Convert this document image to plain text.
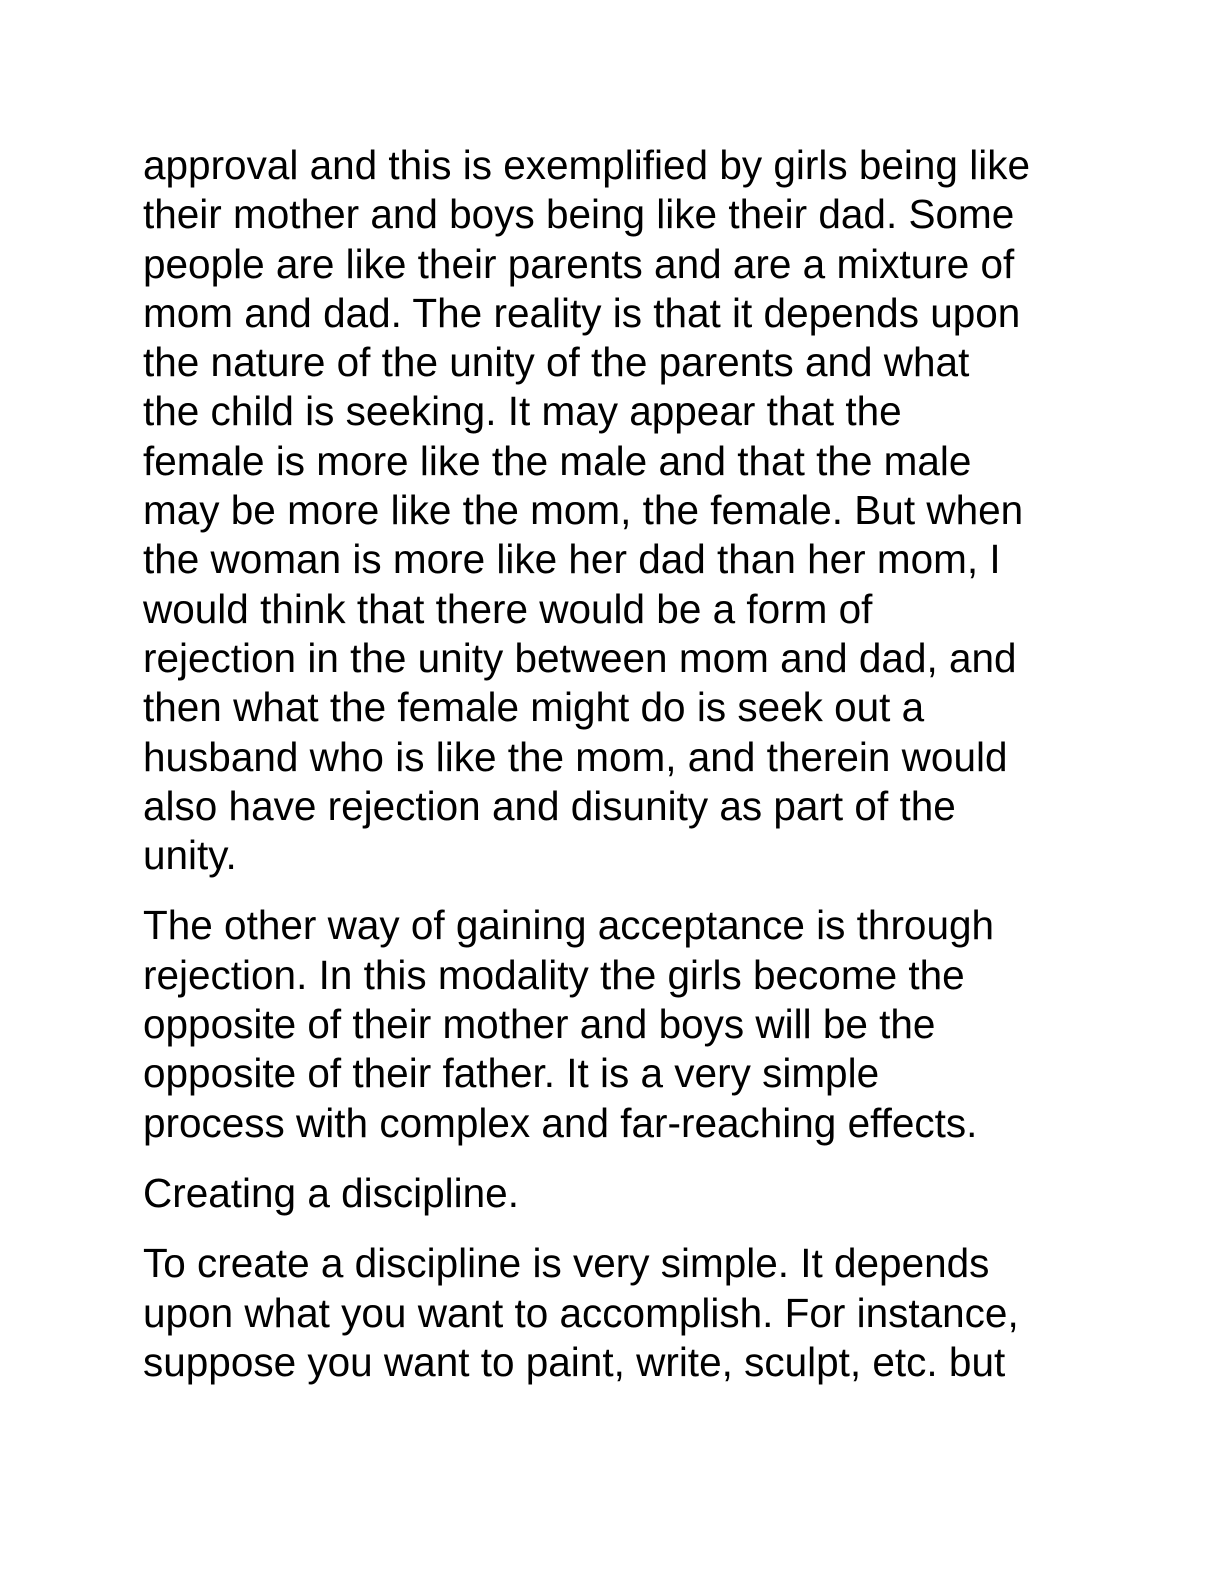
approval and this is exemplified by girls being like
their mother and boys being like their dad. Some
people are like their parents and are a mixture of
mom and dad. The reality is that it depends upon
the nature of the unity of the parents and what
the child is seeking. It may appear that the
female is more like the male and that the male
may be more like the mom, the female. But when
the woman is more like her dad than her mom, I
would think that there would be a form of
rejection in the unity between mom and dad, and
then what the female might do is seek out a
husband who is like the mom, and therein would
also have rejection and disunity as part of the
unity.

The other way of gaining acceptance is through
rejection. In this modality the girls become the
opposite of their mother and boys will be the
opposite of their father. It is a very simple
process with complex and far-reaching effects.

Creating a discipline.

To create a discipline is very simple. It depends
upon what you want to accomplish. For instance,
suppose you want to paint, write, sculpt, etc. but
